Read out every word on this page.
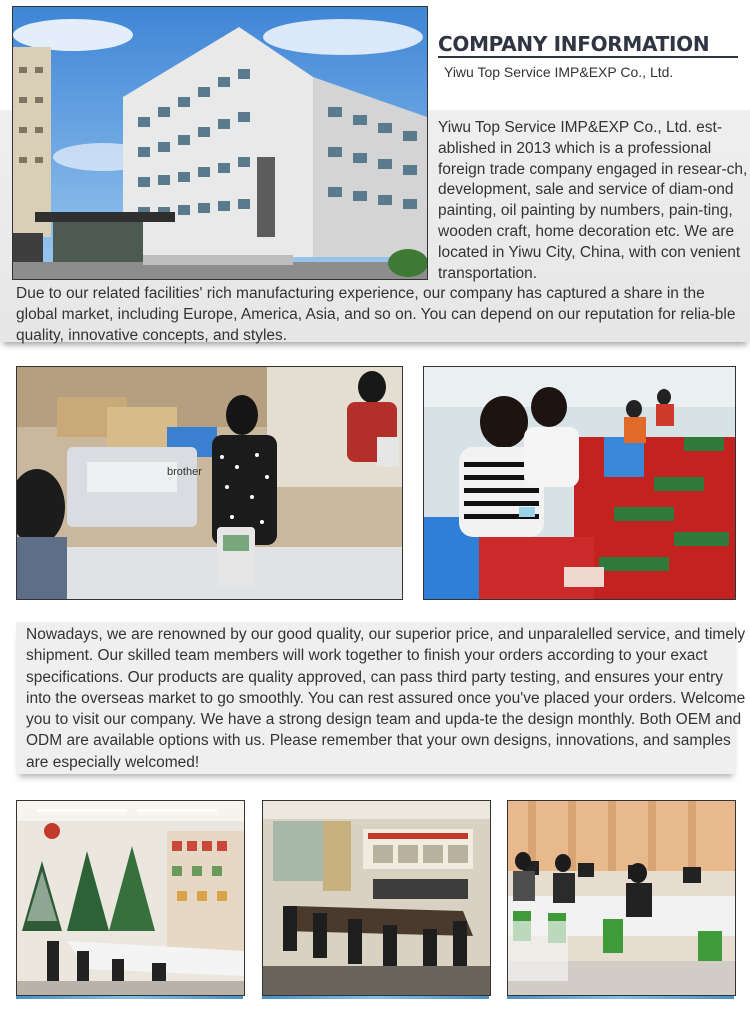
COMPANY INFORMATION
Yiwu Top Service IMP&EXP Co., Ltd.
Yiwu Top Service IMP&EXP Co., Ltd. est-ablished in 2013 which is a professional foreign trade company engaged in resear-ch, development, sale and service of diam-ond painting, oil painting by numbers, pain-ting, wooden craft, home decoration etc. We are located in Yiwu City, China, with con venient transportation.
Due to our related facilities' rich manufacturing experience, our company has captured a share in the global market, including Europe, America, Asia, and so on. You can depend on our reputation for relia-ble quality, innovative concepts, and styles.
brother
Nowadays, we are renowned by our good quality, our superior price, and unparalelled service, and timely shipment. Our skilled team members will work together to finish your orders according to your exact specifications. Our products are quality approved, can pass third party testing, and ensures your entry into the overseas market to go smoothly. You can rest assured once you've placed your orders. Welcome you to visit our company. We have a strong design team and upda-te the design monthly. Both OEM and ODM are available options with us. Please remember that your own designs, innovations, and samples are especially welcomed!
